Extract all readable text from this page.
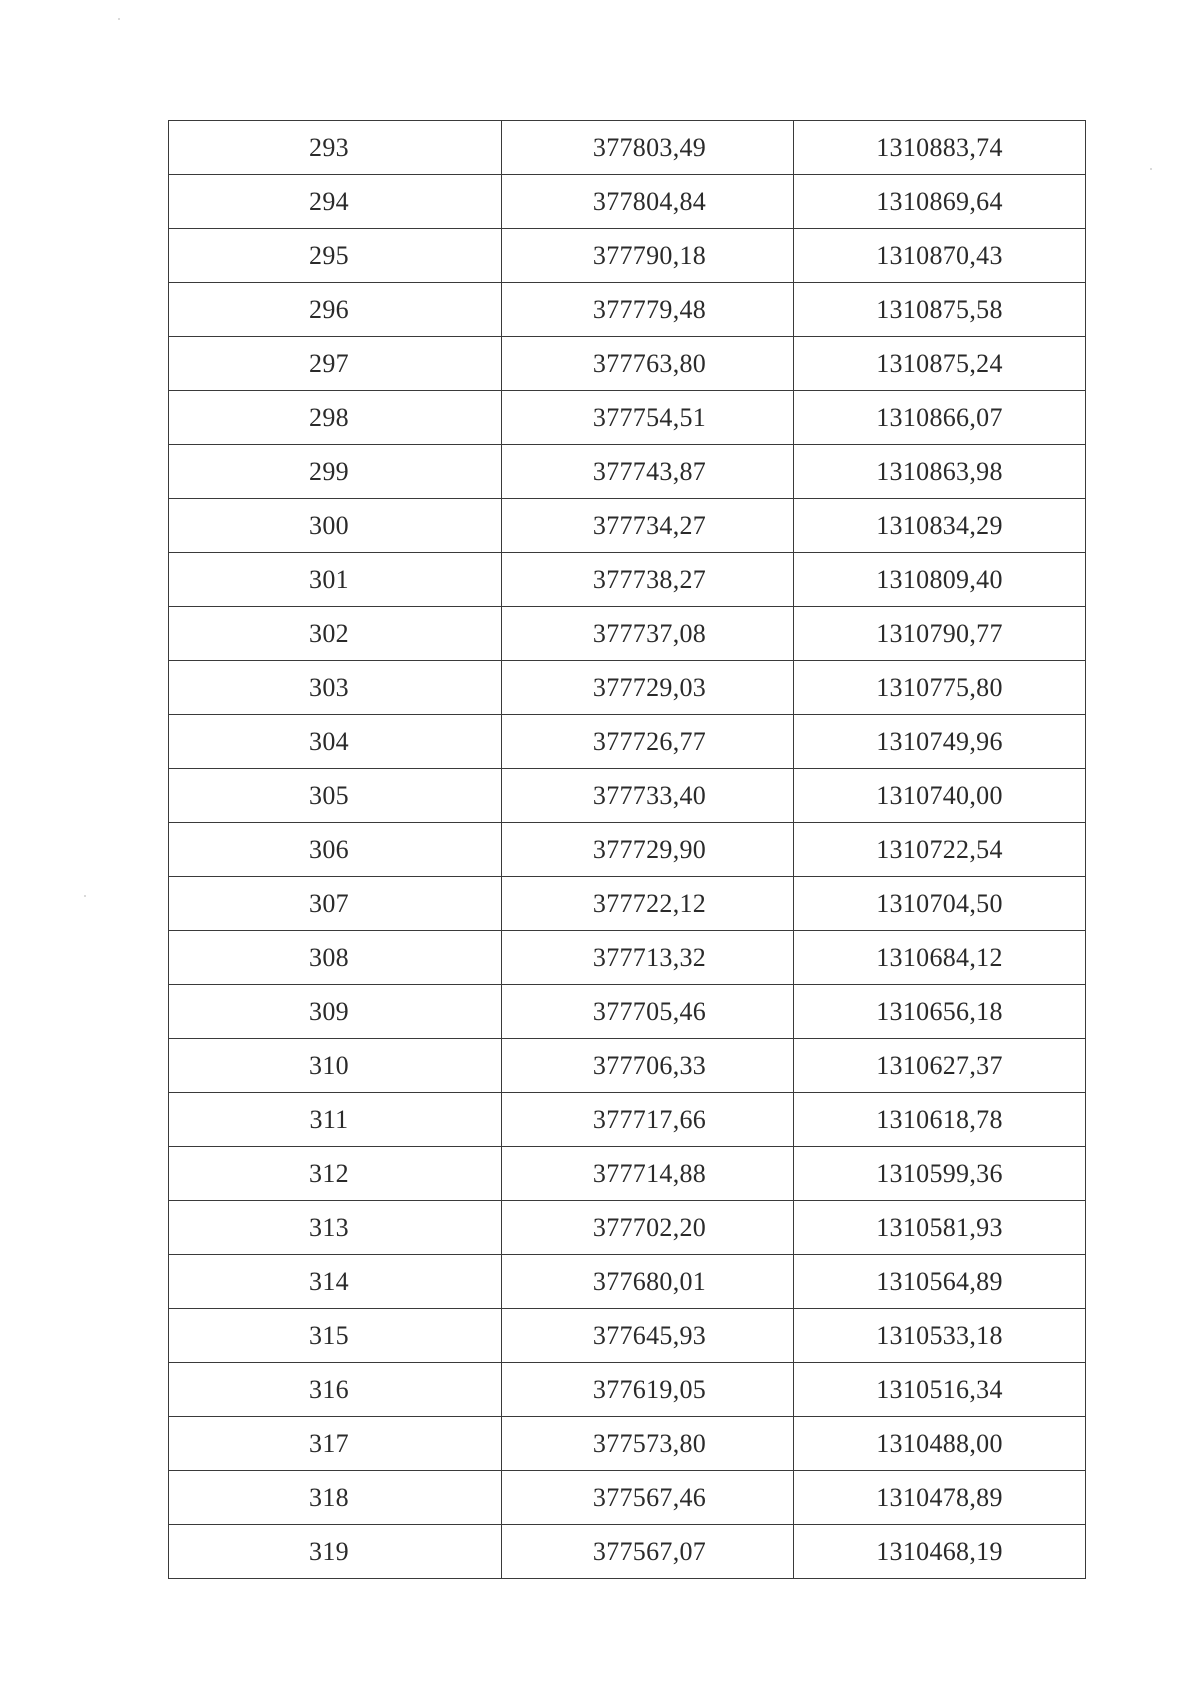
293	377803,49	1310883,74
294	377804,84	1310869,64
295	377790,18	1310870,43
296	377779,48	1310875,58
297	377763,80	1310875,24
298	377754,51	1310866,07
299	377743,87	1310863,98
300	377734,27	1310834,29
301	377738,27	1310809,40
302	377737,08	1310790,77
303	377729,03	1310775,80
304	377726,77	1310749,96
305	377733,40	1310740,00
306	377729,90	1310722,54
307	377722,12	1310704,50
308	377713,32	1310684,12
309	377705,46	1310656,18
310	377706,33	1310627,37
311	377717,66	1310618,78
312	377714,88	1310599,36
313	377702,20	1310581,93
314	377680,01	1310564,89
315	377645,93	1310533,18
316	377619,05	1310516,34
317	377573,80	1310488,00
318	377567,46	1310478,89
319	377567,07	1310468,19
